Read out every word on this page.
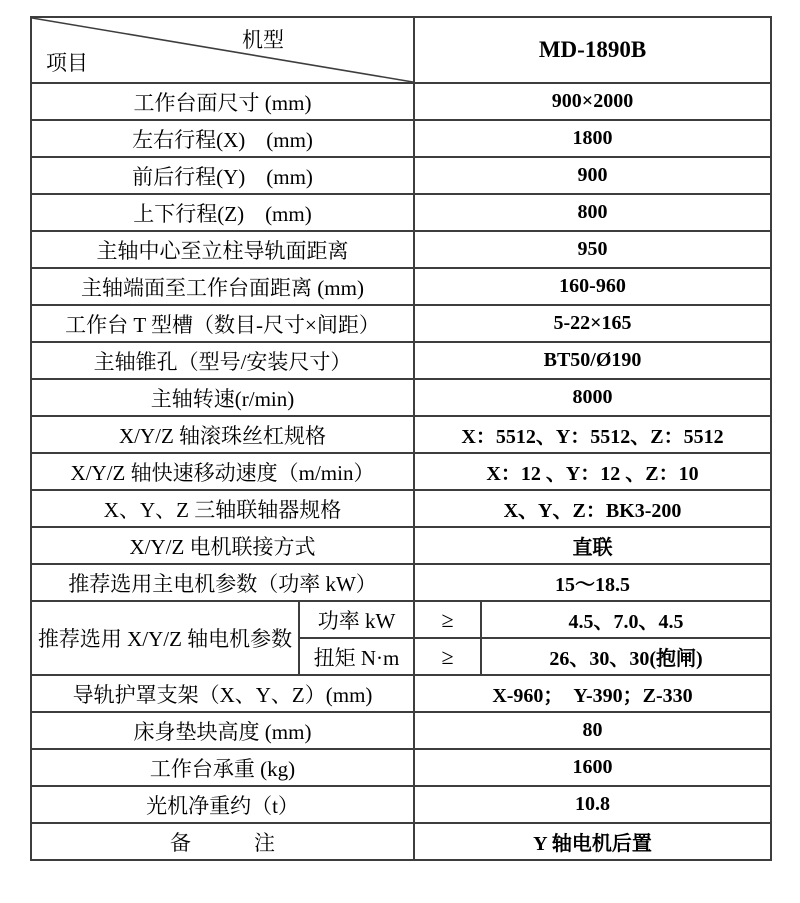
机型
项目		MD-1890B	
工作台面尺寸 (mm)		900×2000	
左右行程(X)　(mm)		1800	
前后行程(Y)　(mm)		900	
上下行程(Z)　(mm)		800	
主轴中心至立柱导轨面距离		950	
主轴端面至工作台面距离 (mm)		160-960	
工作台 T 型槽（数目-尺寸×间距）		5-22×165	
主轴锥孔（型号/安装尺寸）		BT50/Ø190	
主轴转速(r/min)		8000	
X/Y/Z 轴滚珠丝杠规格		X：5512、Y：5512、Z：5512	
X/Y/Z 轴快速移动速度（m/min）		X：12 、Y：12 、Z：10	
X、Y、Z 三轴联轴器规格		X、Y、Z：BK3-200	
X/Y/Z 电机联接方式		直联	
推荐选用主电机参数（功率 kW）		15～18.5	
推荐选用 X/Y/Z 轴电机参数	功率 kW	≥	4.5、7.0、4.5
	扭矩 N·m	≥	26、30、30(抱闸)
导轨护罩支架（X、Y、Z）(mm)		X-960；　Y-390；Z-330	
床身垫块高度 (mm)		80	
工作台承重 (kg)		1600	
光机净重约（t）		10.8	
备　　　注		Y 轴电机后置	
